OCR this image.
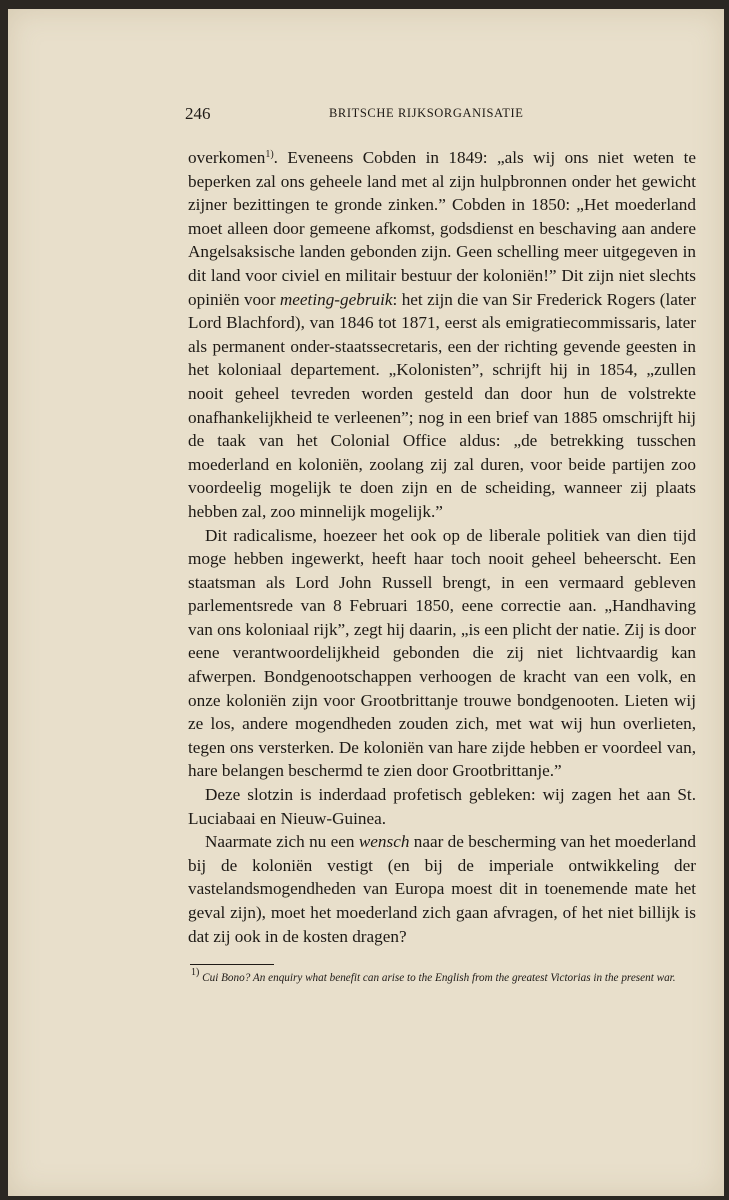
246	BRITSCHE RIJKSORGANISATIE

overkomen$^{1)}$. Eveneens Cobden in 1849: „als wij ons niet weten te beperken zal ons geheele land met al zijn hulpbronnen onder het gewicht zijner bezittingen te gronde zinken.” Cobden in 1850: „Het moederland moet alleen door gemeene afkomst, godsdienst en beschaving aan andere Angelsaksische landen gebonden zijn. Geen schelling meer uitgegeven in dit land voor civiel en militair bestuur der koloniën!” Dit zijn niet slechts opiniën voor meeting-gebruik: het zijn die van Sir Frederick Rogers (later Lord Blachford), van 1846 tot 1871, eerst als emigratiecommissaris, later als permanent onder-staatssecretaris, een der richting gevende geesten in het koloniaal departement. „Kolonisten”, schrijft hij in 1854, „zullen nooit geheel tevreden worden gesteld dan door hun de volstrekte onafhankelijkheid te verleenen”; nog in een brief van 1885 omschrijft hij de taak van het Colonial Office aldus: „de betrekking tusschen moederland en koloniën, zoolang zij zal duren, voor beide partijen zoo voordeelig mogelijk te doen zijn en de scheiding, wanneer zij plaats hebben zal, zoo minnelijk mogelijk.”

Dit radicalisme, hoezeer het ook op de liberale politiek van dien tijd moge hebben ingewerkt, heeft haar toch nooit geheel beheerscht. Een staatsman als Lord John Russell brengt, in een vermaard gebleven parlementsrede van 8 Februari 1850, eene correctie aan. „Handhaving van ons koloniaal rijk”, zegt hij daarin, „is een plicht der natie. Zij is door eene verantwoordelijkheid gebonden die zij niet lichtvaardig kan afwerpen. Bondgenootschappen verhoogen de kracht van een volk, en onze koloniën zijn voor Grootbrittanje trouwe bondgenooten. Lieten wij ze los, andere mogendheden zouden zich, met wat wij hun overlieten, tegen ons versterken. De koloniën van hare zijde hebben er voordeel van, hare belangen beschermd te zien door Grootbrittanje.”

Deze slotzin is inderdaad profetisch gebleken: wij zagen het aan St. Luciabaai en Nieuw-Guinea.

Naarmate zich nu een wensch naar de bescherming van het moederland bij de koloniën vestigt (en bij de imperiale ontwikkeling der vastelandsmogendheden van Europa moest dit in toenemende mate het geval zijn), moet het moederland zich gaan afvragen, of het niet billijk is dat zij ook in de kosten dragen?

$^{1)}$ Cui Bono? An enquiry what benefit can arise to the English from the greatest Victorias in the present war.
